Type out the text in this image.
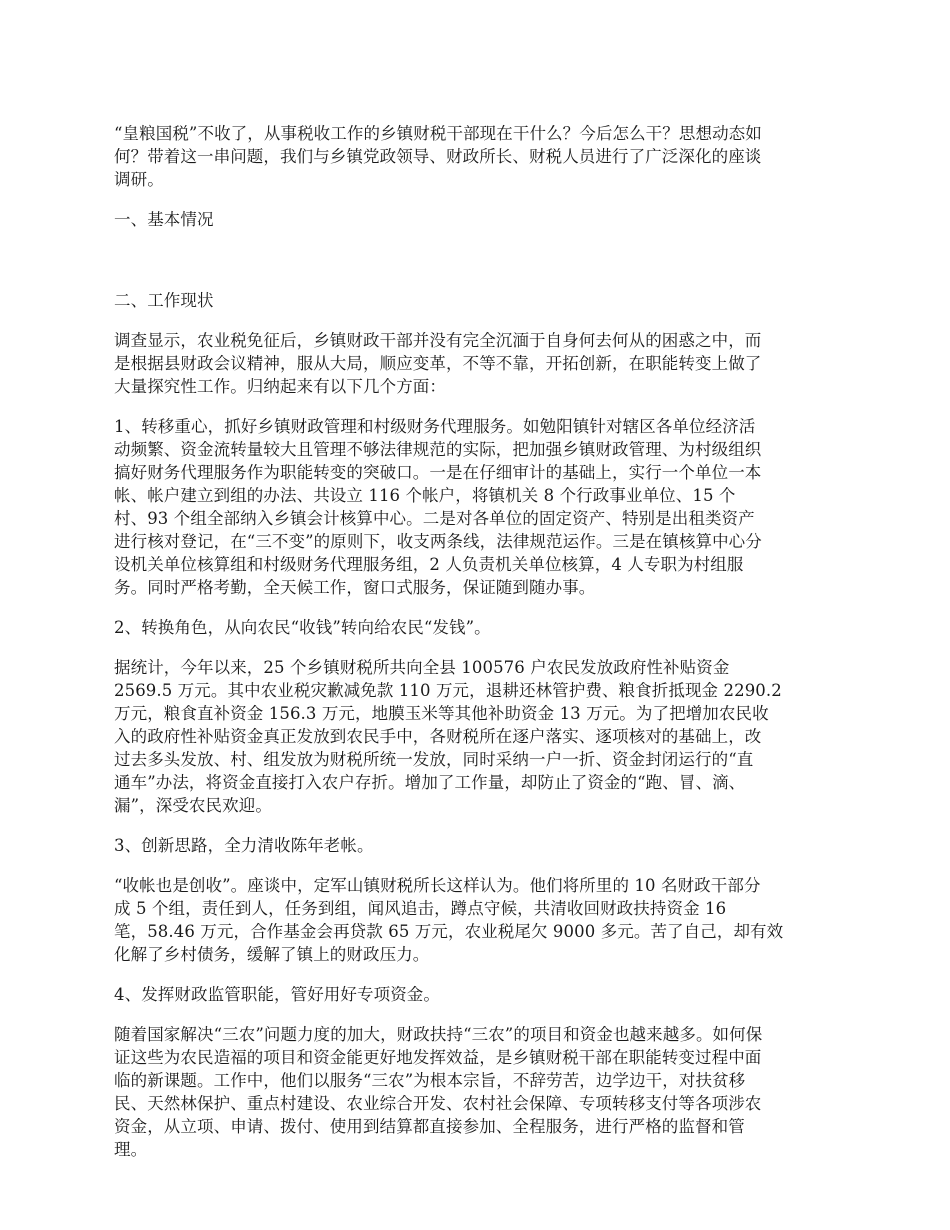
“皇粮国税”不收了，从事税收工作的乡镇财税干部现在干什么？今后怎么干？思想动态如
何？带着这一串问题，我们与乡镇党政领导、财政所长、财税人员进行了广泛深化的座谈
调研。

一、基本情况

二、工作现状

调查显示，农业税免征后，乡镇财政干部并没有完全沉湎于自身何去何从的困惑之中，而
是根据县财政会议精神，服从大局，顺应变革，不等不靠，开拓创新，在职能转变上做了
大量探究性工作。归纳起来有以下几个方面：

1、转移重心，抓好乡镇财政管理和村级财务代理服务。如勉阳镇针对辖区各单位经济活
动频繁、资金流转量较大且管理不够法律规范的实际，把加强乡镇财政管理、为村级组织
搞好财务代理服务作为职能转变的突破口。一是在仔细审计的基础上，实行一个单位一本
帐、帐户建立到组的办法、共设立 116 个帐户，将镇机关 8 个行政事业单位、15 个
村、93 个组全部纳入乡镇会计核算中心。二是对各单位的固定资产、特别是出租类资产
进行核对登记，在“三不变”的原则下，收支两条线，法律规范运作。三是在镇核算中心分
设机关单位核算组和村级财务代理服务组，2 人负责机关单位核算，4 人专职为村组服
务。同时严格考勤，全天候工作，窗口式服务，保证随到随办事。

2、转换角色，从向农民“收钱”转向给农民“发钱”。

据统计，今年以来，25 个乡镇财税所共向全县 100576 户农民发放政府性补贴资金
2569.5 万元。其中农业税灾歉减免款 110 万元，退耕还林管护费、粮食折抵现金 2290.2
万元，粮食直补资金 156.3 万元，地膜玉米等其他补助资金 13 万元。为了把增加农民收
入的政府性补贴资金真正发放到农民手中，各财税所在逐户落实、逐项核对的基础上，改
过去多头发放、村、组发放为财税所统一发放，同时采纳一户一折、资金封闭运行的“直
通车”办法，将资金直接打入农户存折。增加了工作量，却防止了资金的“跑、冒、滴、
漏”，深受农民欢迎。

3、创新思路，全力清收陈年老帐。

“收帐也是创收”。座谈中，定军山镇财税所长这样认为。他们将所里的 10 名财政干部分
成 5 个组，责任到人，任务到组，闻风追击，蹲点守候，共清收回财政扶持资金 16
笔，58.46 万元，合作基金会再贷款 65 万元，农业税尾欠 9000 多元。苦了自己，却有效
化解了乡村债务，缓解了镇上的财政压力。

4、发挥财政监管职能，管好用好专项资金。

随着国家解决“三农”问题力度的加大，财政扶持“三农”的项目和资金也越来越多。如何保
证这些为农民造福的项目和资金能更好地发挥效益，是乡镇财税干部在职能转变过程中面
临的新课题。工作中，他们以服务“三农”为根本宗旨，不辞劳苦，边学边干，对扶贫移
民、天然林保护、重点村建设、农业综合开发、农村社会保障、专项转移支付等各项涉农
资金，从立项、申请、拨付、使用到结算都直接参加、全程服务，进行严格的监督和管
理。
